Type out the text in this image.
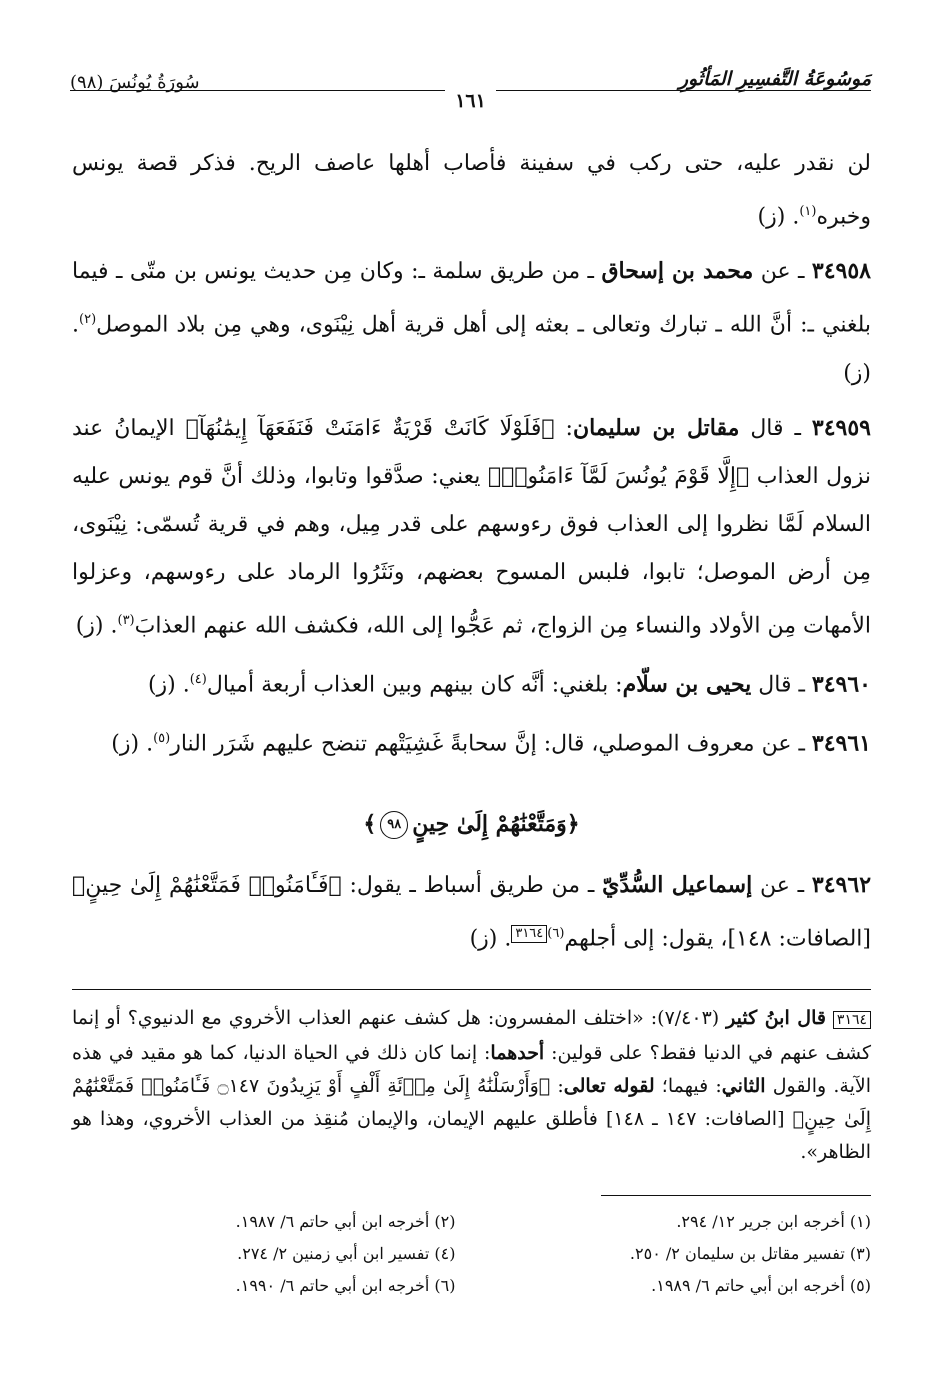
مَوسُوعَةُ التَّفسِيرِ المَأثُورِ
سُورَةُ يُونُسَ (٩٨)
١٦١

لن نقدر عليه، حتى ركب في سفينة فأصاب أهلها عاصف الريح. فذكر قصة يونس وخبره$^{(١)}$. (ز)

٣٤٩٥٨ ـ عن محمد بن إسحاق ـ من طريق سلمة ـ: وكان مِن حديث يونس بن متّى ـ فيما بلغني ـ: أنَّ الله ـ تبارك وتعالى ـ بعثه إلى أهل قرية أهل نِيْنَوى، وهي مِن بلاد الموصل$^{(٢)}$. (ز)

٣٤٩٥٩ ـ قال مقاتل بن سليمان: ﴿فَلَوْلَا كَانَتْ قَرْيَةٌ ءَامَنَتْ فَنَفَعَهَآ إِيمَٰنُهَآ﴾ الإيمانُ عند نزول العذاب ﴿إِلَّا قَوْمَ يُونُسَ لَمَّآ ءَامَنُوا۟﴾ يعني: صدَّقوا وتابوا، وذلك أنَّ قوم يونس عليه السلام لَمَّا نظروا إلى العذاب فوق رءوسهم على قدر مِيل، وهم في قرية تُسمّى: نِيْنَوى، مِن أرض الموصل؛ تابوا، فلبس المسوح بعضهم، ونَثَرُوا الرماد على رءوسهم، وعزلوا الأمهات مِن الأولاد والنساء مِن الزواج، ثم عَجُّوا إلى الله، فكشف الله عنهم العذابَ$^{(٣)}$. (ز)

٣٤٩٦٠ ـ قال يحيى بن سلّام: بلغني: أنَّه كان بينهم وبين العذاب أربعة أميال$^{(٤)}$. (ز)

٣٤٩٦١ ـ عن معروف الموصلي، قال: إنَّ سحابةً غَشِيَتْهم تنضح عليهم شَرَر النار$^{(٥)}$. (ز)

﴿وَمَتَّعْنَٰهُمْ إِلَىٰ حِينٍ٩٨﴾

٣٤٩٦٢ ـ عن إسماعيل السُّدِّيّ ـ من طريق أسباط ـ يقول: ﴿فَـَٔامَنُوا۟ فَمَتَّعْنَٰهُمْ إِلَىٰ حِينٍ﴾ [الصافات: ١٤٨]، يقول: إلى أجلهم$^{(٦)}$٣١٦٤. (ز)

٣١٦٤ قال ابنُ كثير (٧/٤٠٣): «اختلف المفسرون: هل كشف عنهم العذاب الأخروي مع الدنيوي؟ أو إنما كشف عنهم في الدنيا فقط؟ على قولين: أحدهما: إنما كان ذلك في الحياة الدنيا، كما هو مقيد في هذه الآية. والقول الثاني: فيهما؛ لقوله تعالى: ﴿وَأَرْسَلْنَٰهُ إِلَىٰ مِا۟ئَةِ أَلْفٍ أَوْ يَزِيدُونَ ۝١٤٧ فَـَٔامَنُوا۟ فَمَتَّعْنَٰهُمْ إِلَىٰ حِينٍ﴾ [الصافات: ١٤٧ ـ ١٤٨] فأطلق عليهم الإيمان، والإيمان مُنقِذ من العذاب الأخروي، وهذا هو الظاهر».
(١) أخرجه ابن جرير ١٢/ ٢٩٤.
(٣) تفسير مقاتل بن سليمان ٢/ ٢٥٠.
(٥) أخرجه ابن أبي حاتم ٦/ ١٩٨٩.
(٢) أخرجه ابن أبي حاتم ٦/ ١٩٨٧.
(٤) تفسير ابن أبي زمنين ٢/ ٢٧٤.
(٦) أخرجه ابن أبي حاتم ٦/ ١٩٩٠.
